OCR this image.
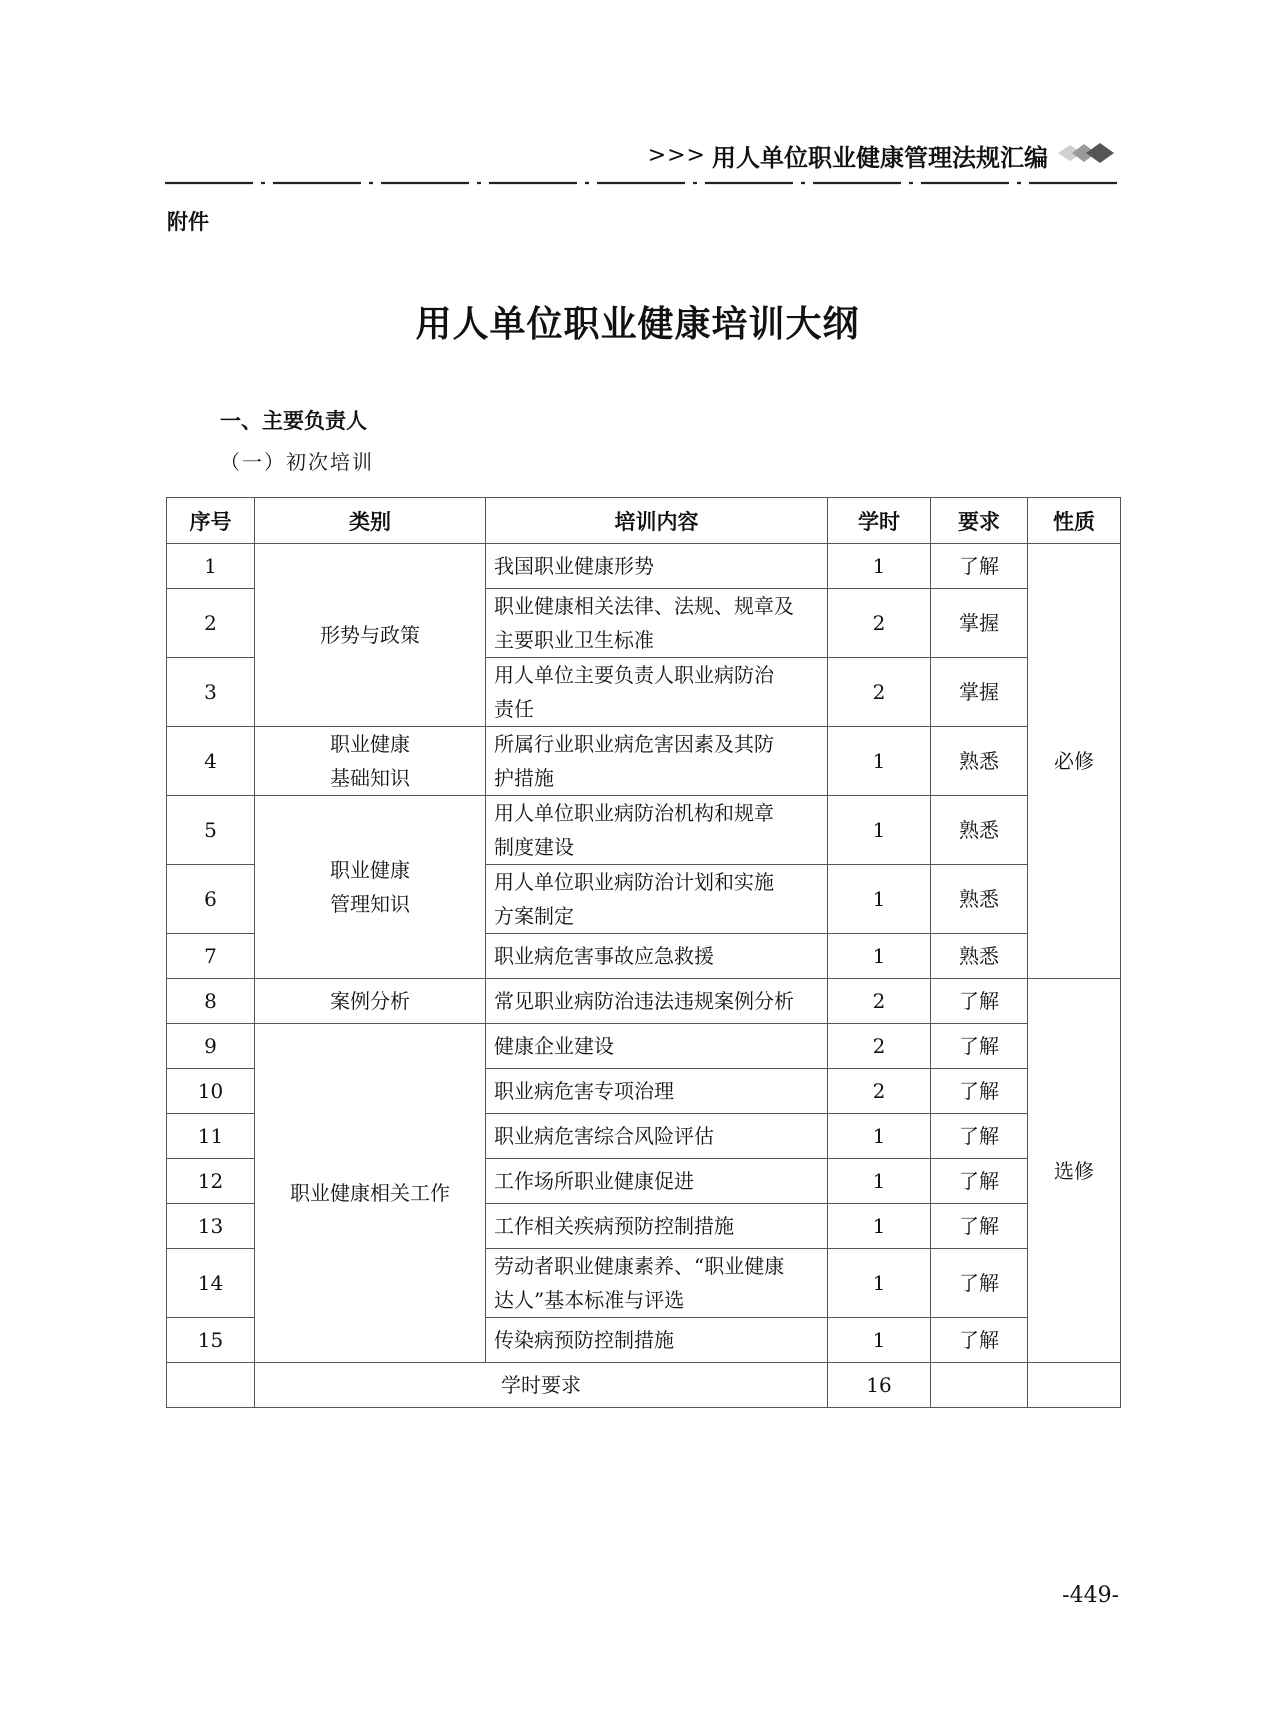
>>> 用人单位职业健康管理法规汇编
附件
用人单位职业健康培训大纲
一、主要负责人
（一）初次培训
序号	类别	培训内容	学时	要求	性质
1	形势与政策	我国职业健康形势	1	了解	必修
2		职业健康相关法律、法规、规章及
主要职业卫生标准	2	掌握	
3		用人单位主要负责人职业病防治
责任	2	掌握	
4	职业健康
基础知识	所属行业职业病危害因素及其防
护措施	1	熟悉	
5	职业健康
管理知识	用人单位职业病防治机构和规章
制度建设	1	熟悉	
6		用人单位职业病防治计划和实施
方案制定	1	熟悉	
7		职业病危害事故应急救援	1	熟悉	
8	案例分析	常见职业病防治违法违规案例分析	2	了解	选修
9	职业健康相关工作	健康企业建设	2	了解	
10		职业病危害专项治理	2	了解	
11		职业病危害综合风险评估	1	了解	
12		工作场所职业健康促进	1	了解	
13		工作相关疾病预防控制措施	1	了解	
14		劳动者职业健康素养、“职业健康
达人”基本标准与评选	1	了解	
15		传染病预防控制措施	1	了解	
	学时要求		16		
-449-
